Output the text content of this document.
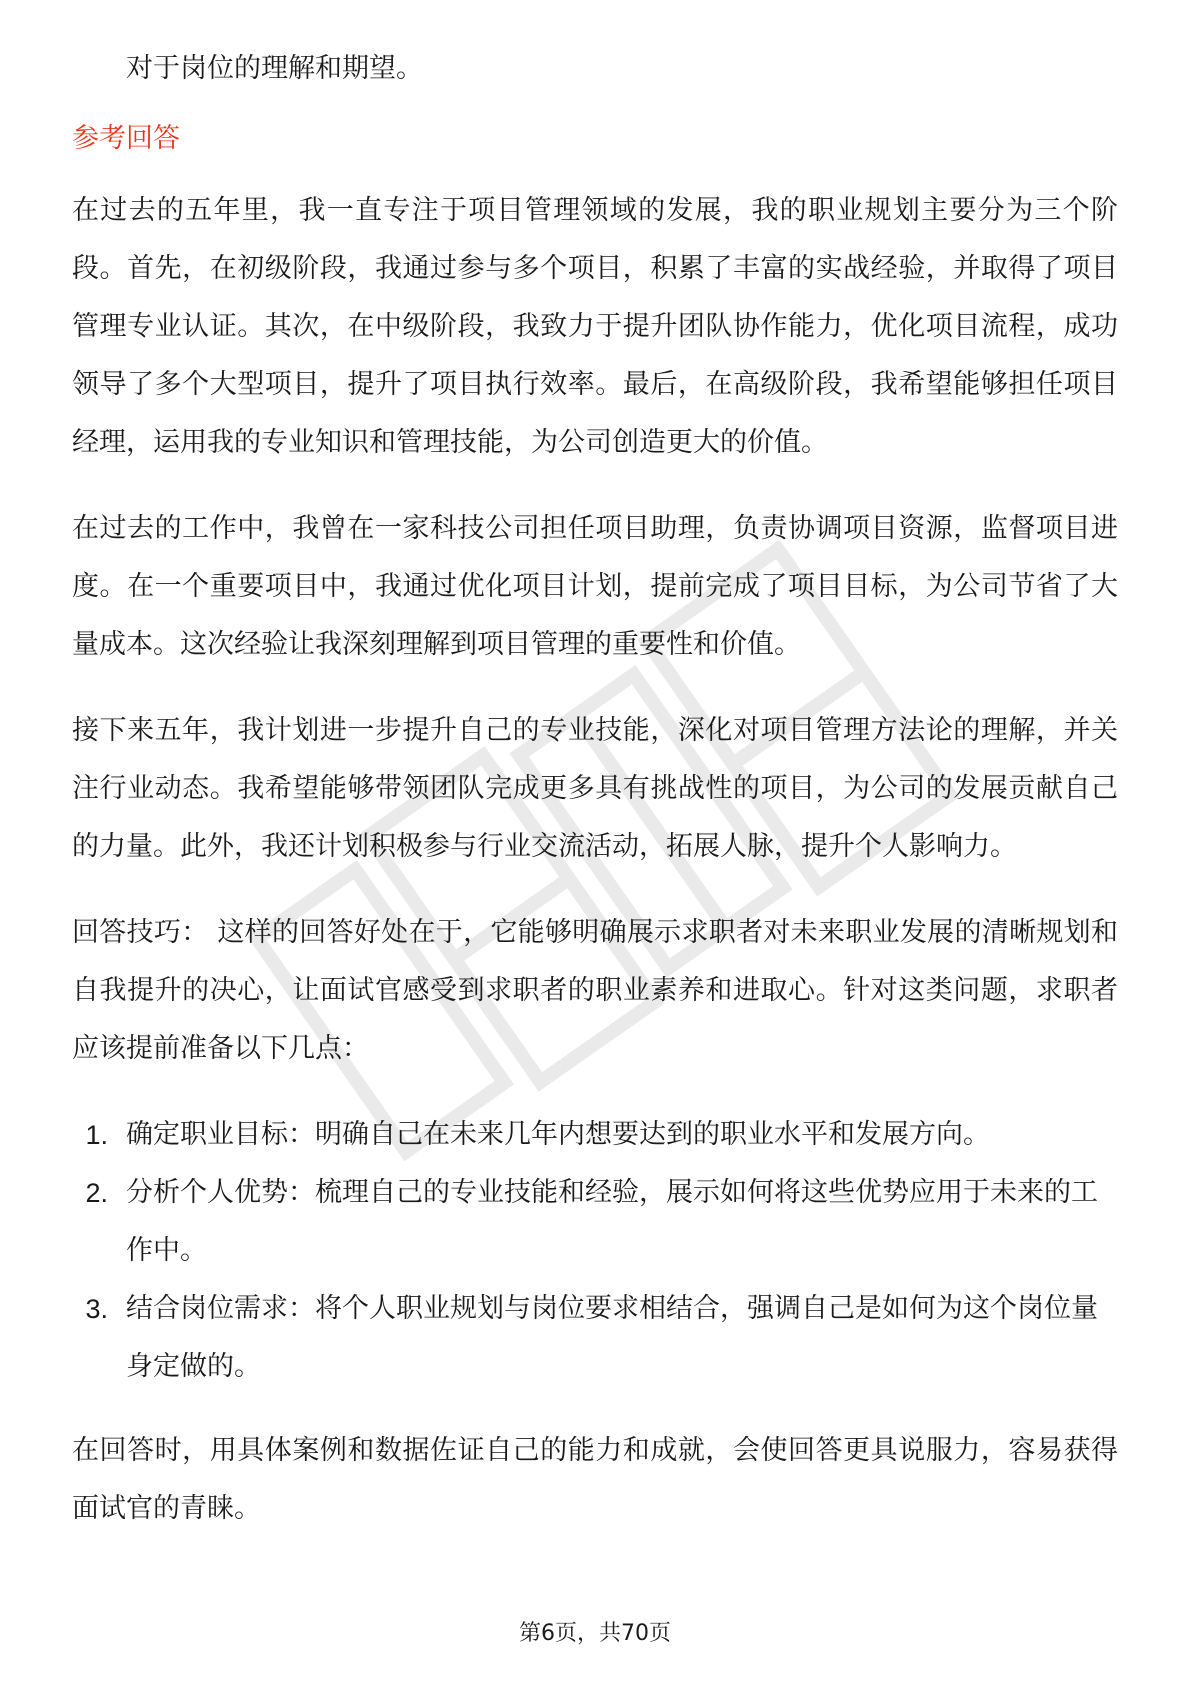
对于岗位的理解和期望。

参考回答

在过去的五年里，我一直专注于项目管理领域的发展，我的职业规划主要分为三个阶段。首先，在初级阶段，我通过参与多个项目，积累了丰富的实战经验，并取得了项目管理专业认证。其次，在中级阶段，我致力于提升团队协作能力，优化项目流程，成功领导了多个大型项目，提升了项目执行效率。最后，在高级阶段，我希望能够担任项目经理，运用我的专业知识和管理技能，为公司创造更大的价值。

在过去的工作中，我曾在一家科技公司担任项目助理，负责协调项目资源，监督项目进度。在一个重要项目中，我通过优化项目计划，提前完成了项目目标，为公司节省了大量成本。这次经验让我深刻理解到项目管理的重要性和价值。

接下来五年，我计划进一步提升自己的专业技能，深化对项目管理方法论的理解，并关注行业动态。我希望能够带领团队完成更多具有挑战性的项目，为公司的发展贡献自己的力量。此外，我还计划积极参与行业交流活动，拓展人脉，提升个人影响力。

回答技巧： 这样的回答好处在于，它能够明确展示求职者对未来职业发展的清晰规划和自我提升的决心，让面试官感受到求职者的职业素养和进取心。针对这类问题，求职者应该提前准备以下几点：

1. 确定职业目标：明确自己在未来几年内想要达到的职业水平和发展方向。
2. 分析个人优势：梳理自己的专业技能和经验，展示如何将这些优势应用于未来的工作中。
3. 结合岗位需求：将个人职业规划与岗位要求相结合，强调自己是如何为这个岗位量身定做的。

在回答时，用具体案例和数据佐证自己的能力和成就，会使回答更具说服力，容易获得面试官的青睐。

第6页，共70页
